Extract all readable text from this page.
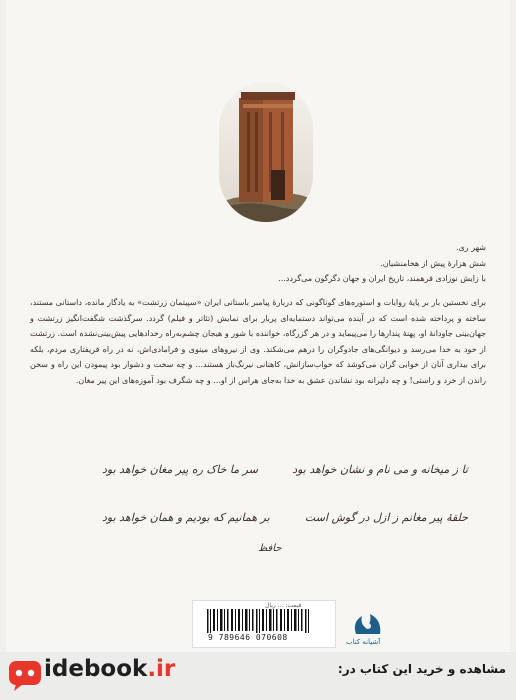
شهر ری.
شش هزارهٔ پیش از هخامنشیان.
با زایش نوزادی فرهمند، تاریخ ایران و جهان دگرگون می‌گردد...

برای نخستین بار بر پایهٔ روایات و استوره‌های گوناگونی که دربارهٔ پیامبر باستانی ایران «سپیتمان زرتشت» به یادگار مانده، داستانی مستند، ساخته و پرداخته شده است که در آینده می‌تواند دستمایه‌ای پربار برای نمایش (تئاتر و فیلم) گردد. سرگذشت شگفت‌انگیز زرتشت و جهان‌بینی جاودانهٔ او، پهنهٔ پندارها را می‌پیماید و در هر گزرگاه، خواننده با شور و هیجان چشم‌به‌راه رخدادهایی پیش‌بینی‌نشده است. زرتشت از خود به خدا می‌رسد و دیوانگی‌های جادوگران را درهم می‌شکند. وی از نیروهای مینوی و فرامادی‌اش، نه در راه فریفتاری مردم، بلکه برای بیداری آنان از خوابی گران می‌کوشد که خواب‌سازانش، کاهنانی نیرنگ‌باز هستند... و چه سخت و دشوار بود پیمودن این راه و سخن راندن از خرد و راستی! و چه دلپرانه بود نشاندن عشق به خدا به‌جای هراس از او... و چه شگرف بود آموزه‌های این پیر مغان.

تا ز میخانه و می نام و نشان خواهد بود
سر ما خاک ره پیر مغان خواهد بود
حلقهٔ پیر مغانم ز ازل در گوش است
بر همانیم که بودیم و همان خواهد بود
حافظ
قیمت: ... ریال
9 789646 070608	آشیانه کتاب
idebook.ir	مشاهده و خرید این کتاب در:
